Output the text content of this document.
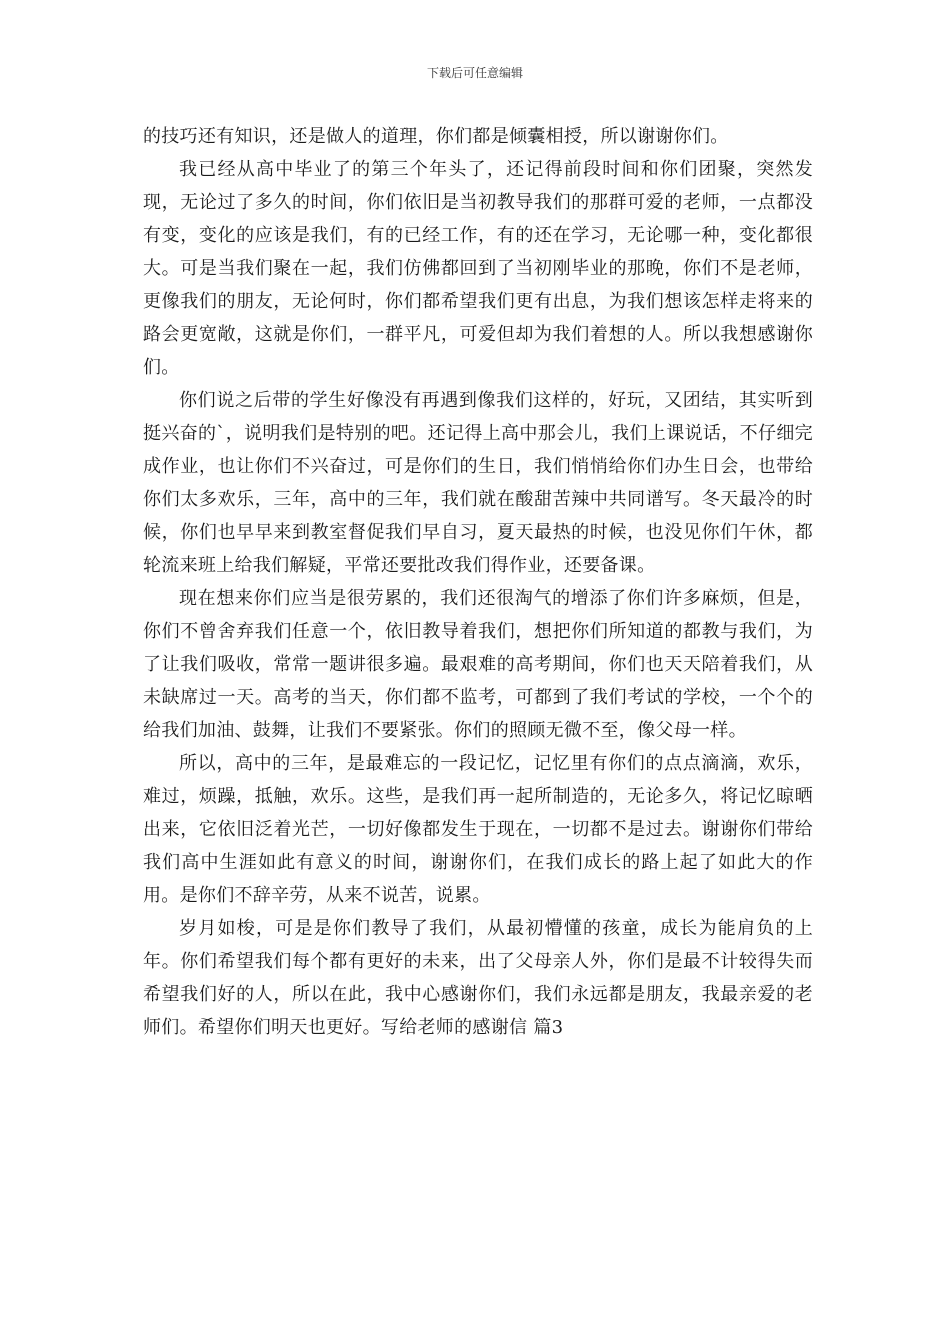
下载后可任意编辑

的技巧还有知识，还是做人的道理，你们都是倾囊相授，所以谢谢你们。

我已经从高中毕业了的第三个年头了，还记得前段时间和你们团聚，突然发现，无论过了多久的时间，你们依旧是当初教导我们的那群可爱的老师，一点都没有变，变化的应该是我们，有的已经工作，有的还在学习，无论哪一种，变化都很大。可是当我们聚在一起，我们仿佛都回到了当初刚毕业的那晚，你们不是老师，更像我们的朋友，无论何时，你们都希望我们更有出息，为我们想该怎样走将来的路会更宽敞，这就是你们，一群平凡，可爱但却为我们着想的人。所以我想感谢你们。

你们说之后带的学生好像没有再遇到像我们这样的，好玩，又团结，其实听到挺兴奋的`，说明我们是特别的吧。还记得上高中那会儿，我们上课说话，不仔细完成作业，也让你们不兴奋过，可是你们的生日，我们悄悄给你们办生日会，也带给你们太多欢乐，三年，高中的三年，我们就在酸甜苦辣中共同谱写。冬天最冷的时候，你们也早早来到教室督促我们早自习，夏天最热的时候，也没见你们午休，都轮流来班上给我们解疑，平常还要批改我们得作业，还要备课。

现在想来你们应当是很劳累的，我们还很淘气的增添了你们许多麻烦，但是，你们不曾舍弃我们任意一个，依旧教导着我们，想把你们所知道的都教与我们，为了让我们吸收，常常一题讲很多遍。最艰难的高考期间，你们也天天陪着我们，从未缺席过一天。高考的当天，你们都不监考，可都到了我们考试的学校，一个个的给我们加油、鼓舞，让我们不要紧张。你们的照顾无微不至，像父母一样。

所以，高中的三年，是最难忘的一段记忆，记忆里有你们的点点滴滴，欢乐，难过，烦躁，抵触，欢乐。这些，是我们再一起所制造的，无论多久，将记忆晾晒出来，它依旧泛着光芒，一切好像都发生于现在，一切都不是过去。谢谢你们带给我们高中生涯如此有意义的时间，谢谢你们，在我们成长的路上起了如此大的作用。是你们不辞辛劳，从来不说苦，说累。

岁月如梭，可是是你们教导了我们，从最初懵懂的孩童，成长为能肩负的上年。你们希望我们每个都有更好的未来，出了父母亲人外，你们是最不计较得失而希望我们好的人，所以在此，我中心感谢你们，我们永远都是朋友，我最亲爱的老师们。希望你们明天也更好。写给老师的感谢信 篇3
